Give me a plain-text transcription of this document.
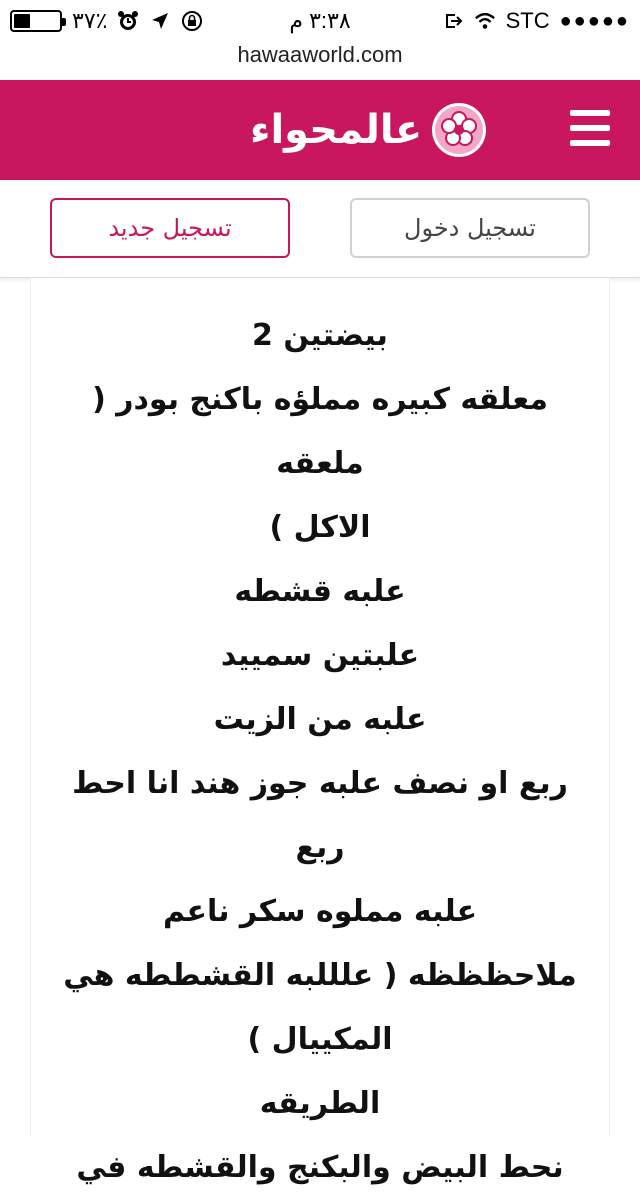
٣٧٪	٣:٣٨ م	STC ●●●●●
hawaaworld.com
عالمحواء
تسجيل جديد	تسجيل دخول
بيضتين 2
معلقه كبيره مملؤه باكنج بودر ( ملعقه
الاكل )
علبه قشطه
علبتين سمييد
علبه من الزيت
ربع او نصف علبه جوز هند انا احط
ربع
علبه مملوه سكر ناعم
ملاحظظظه ( عل‍للبه القشططه هي
المكييال )
الطريقه
نحط البيض والبكنج والقشطه في
